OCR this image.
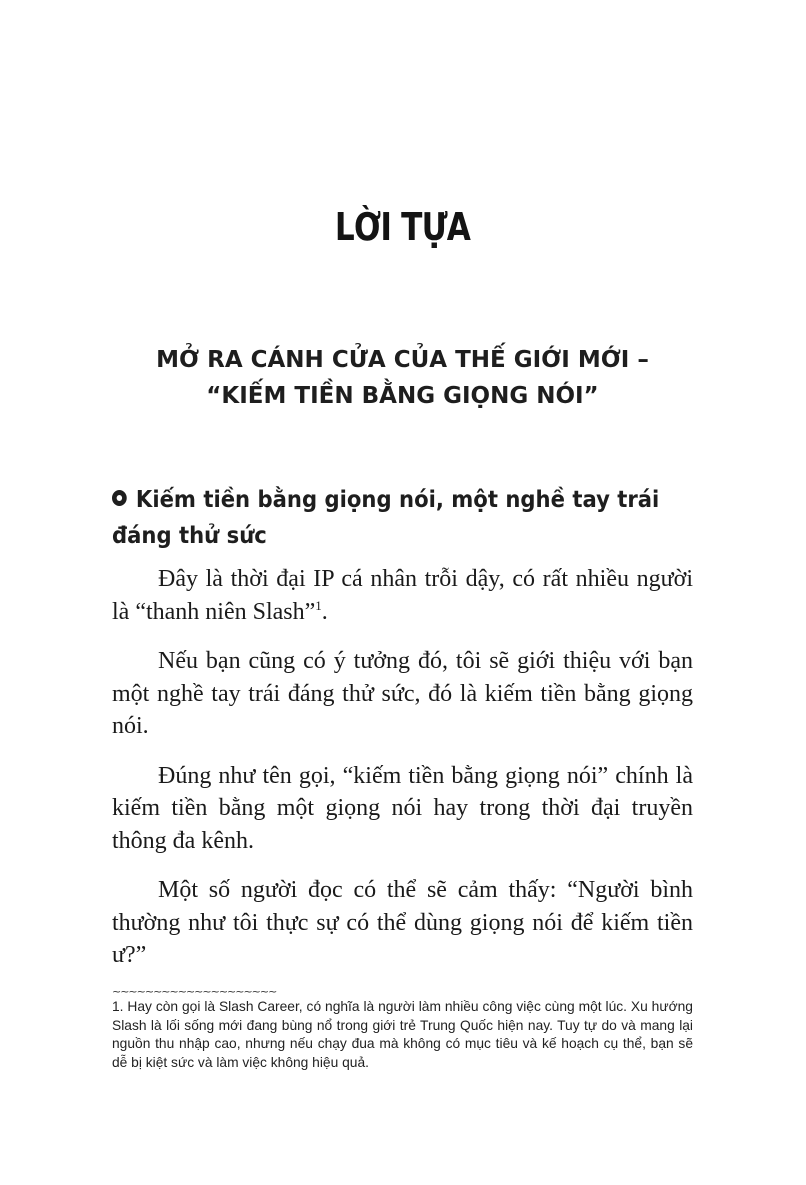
LỜI TỰA
MỞ RA CÁNH CỬA CỦA THẾ GIỚI MỚI –
“KIẾM TIỀN BẰNG GIỌNG NÓI”
Kiếm tiền bằng giọng nói, một nghề tay trái đáng thử sức

Đây là thời đại IP cá nhân trỗi dậy, có rất nhiều người là “thanh niên Slash”$^1$.

Nếu bạn cũng có ý tưởng đó, tôi sẽ giới thiệu với bạn một nghề tay trái đáng thử sức, đó là kiếm tiền bằng giọng nói.

Đúng như tên gọi, “kiếm tiền bằng giọng nói” chính là kiếm tiền bằng một giọng nói hay trong thời đại truyền thông đa kênh.

Một số người đọc có thể sẽ cảm thấy: “Người bình thường như tôi thực sự có thể dùng giọng nói để kiếm tiền ư?”

~~~~~~~~~~~~~~~~~~~~

1. Hay còn gọi là Slash Career, có nghĩa là người làm nhiều công việc cùng một lúc. Xu hướng Slash là lối sống mới đang bùng nổ trong giới trẻ Trung Quốc hiện nay. Tuy tự do và mang lại nguồn thu nhập cao, nhưng nếu chạy đua mà không có mục tiêu và kế hoạch cụ thể, bạn sẽ dễ bị kiệt sức và làm việc không hiệu quả.
